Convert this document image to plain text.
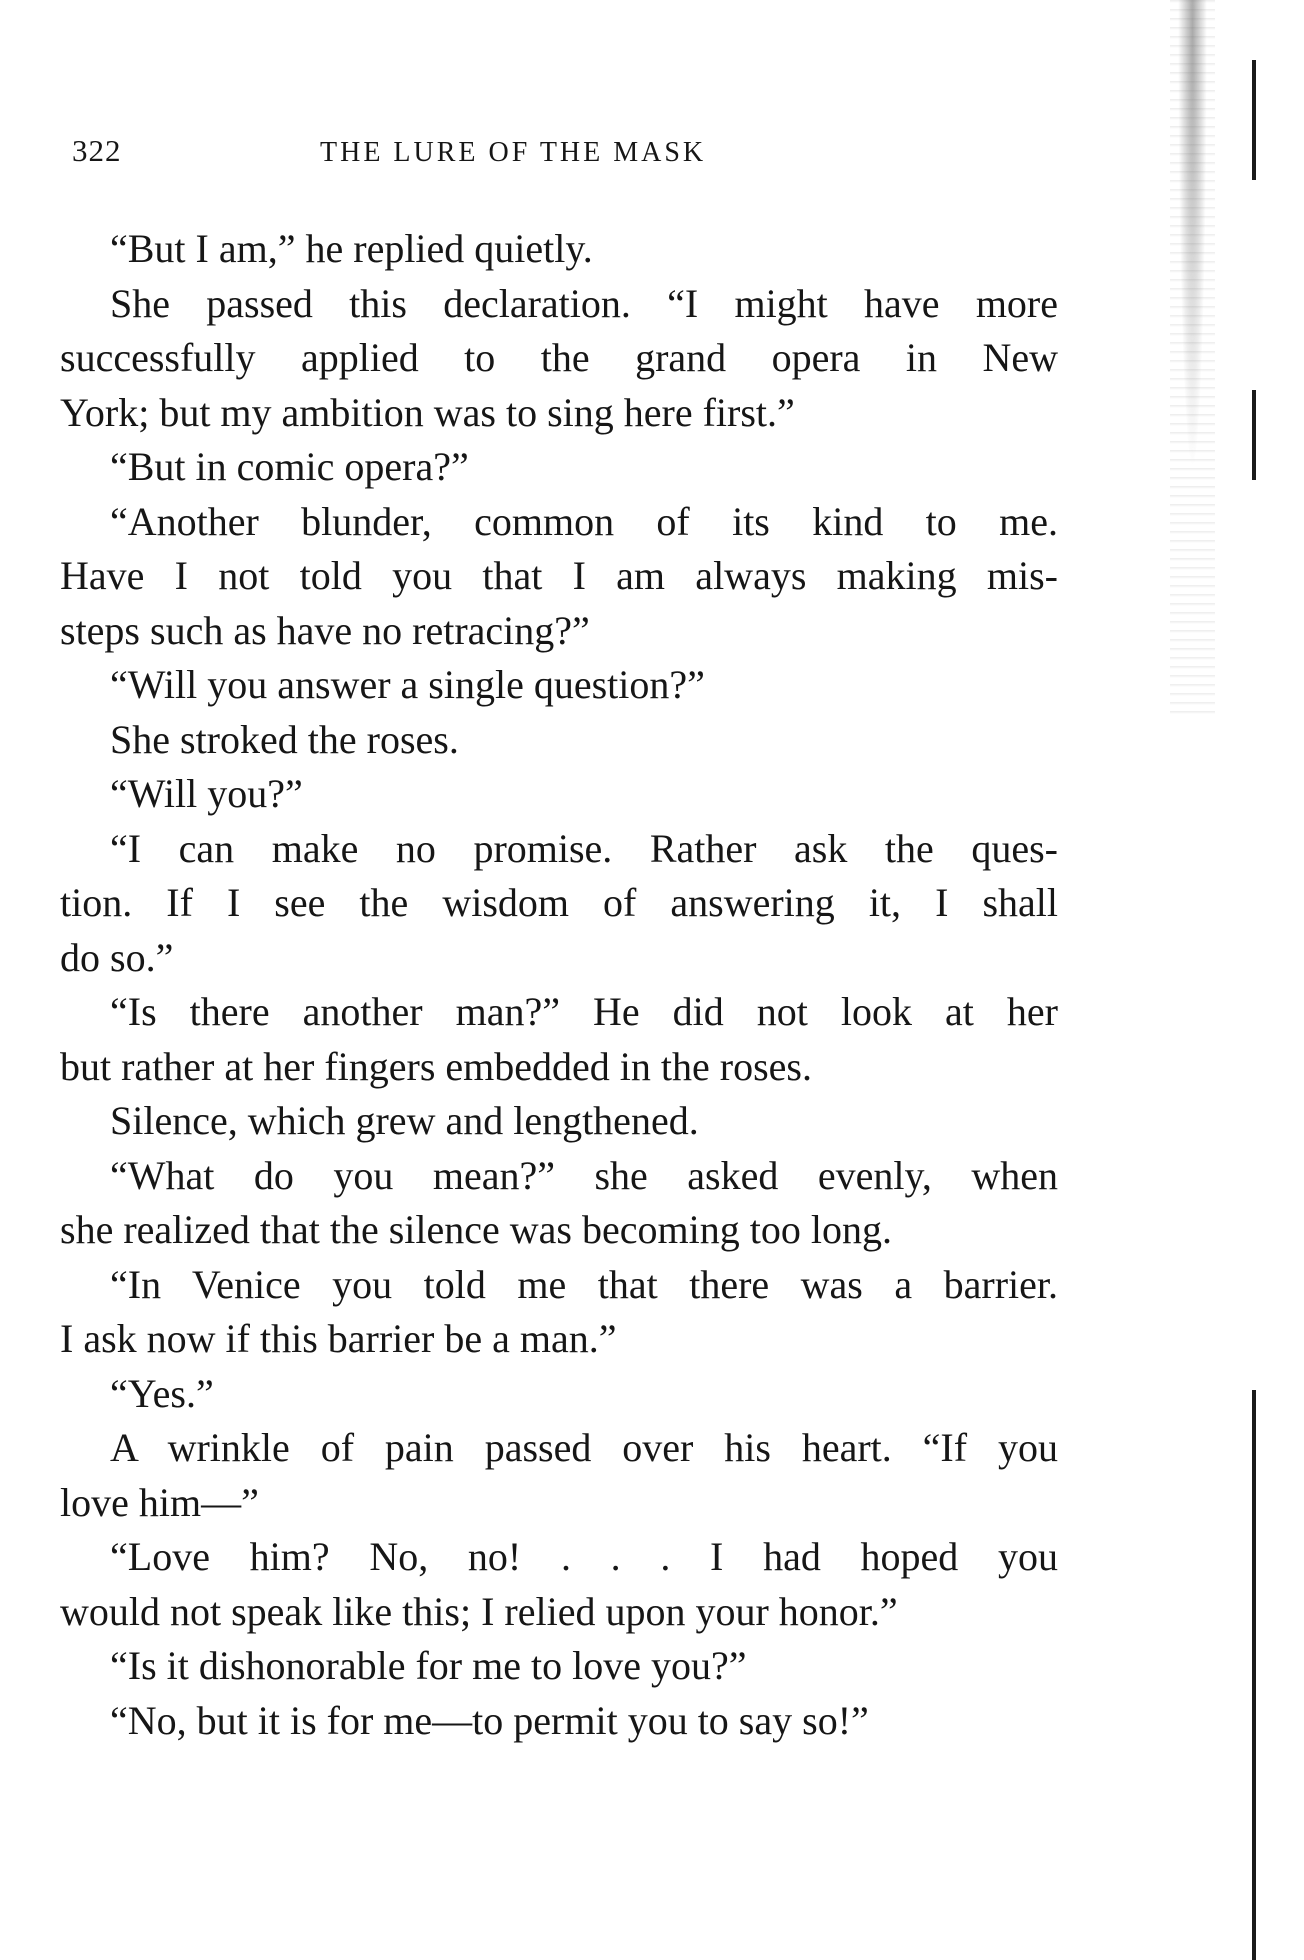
322	THE LURE OF THE MASK
“But I am,” he replied quietly.
She passed this declaration. “I might have more
successfully applied to the grand opera in New
York; but my ambition was to sing here first.”
“But in comic opera?”
“Another blunder, common of its kind to me.
Have I not told you that I am always making mis-
steps such as have no retracing?”
“Will you answer a single question?”
She stroked the roses.
“Will you?”
“I can make no promise. Rather ask the ques-
tion. If I see the wisdom of answering it, I shall
do so.”
“Is there another man?” He did not look at her
but rather at her fingers embedded in the roses.
Silence, which grew and lengthened.
“What do you mean?” she asked evenly, when
she realized that the silence was becoming too long.
“In Venice you told me that there was a barrier.
I ask now if this barrier be a man.”
“Yes.”
A wrinkle of pain passed over his heart. “If you
love him—”
“Love him? No, no! . . . I had hoped you
would not speak like this; I relied upon your honor.”
“Is it dishonorable for me to love you?”
“No, but it is for me—to permit you to say so!”
